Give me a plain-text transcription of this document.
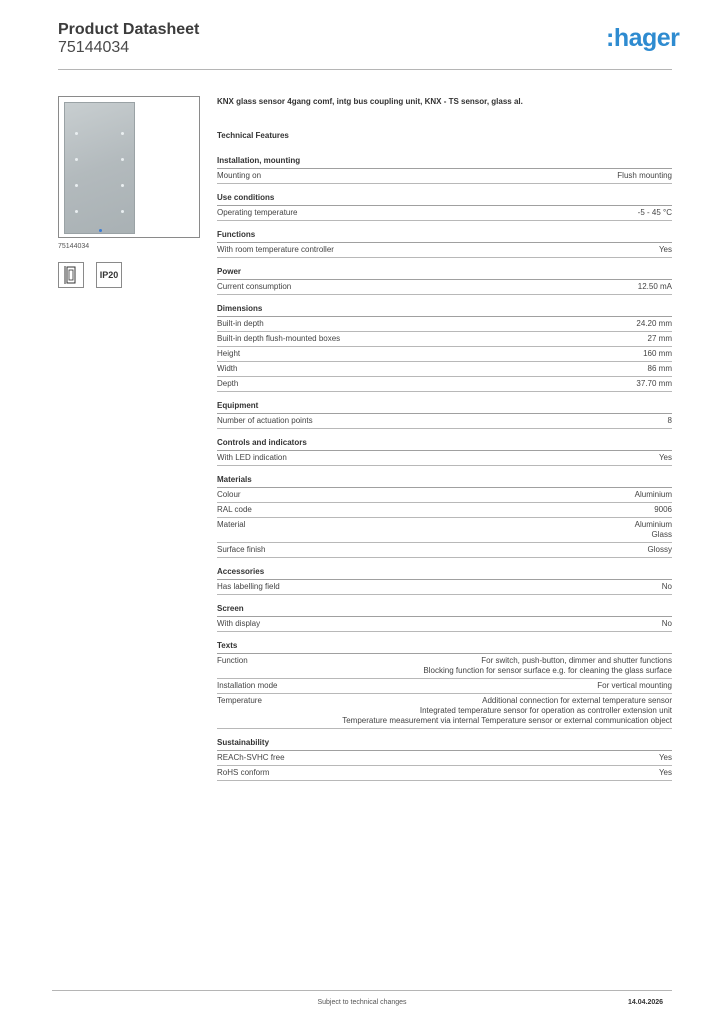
Product Datasheet
75144034	:hager
75144034
IP20
KNX glass sensor 4gang comf, intg bus coupling unit, KNX - TS sensor, glass al.
Technical Features
Installation, mounting
Mounting on	Flush mounting
Use conditions
Operating temperature	-5 - 45 °C
Functions
With room temperature controller	Yes
Power
Current consumption	12.50 mA
Dimensions
Built-in depth	24.20 mm
Built-in depth flush-mounted boxes	27 mm
Height	160 mm
Width	86 mm
Depth	37.70 mm
Equipment
Number of actuation points	8
Controls and indicators
With LED indication	Yes
Materials
Colour	Aluminium
RAL code	9006
Material	Aluminium
Glass
Surface finish	Glossy
Accessories
Has labelling field	No
Screen
With display	No
Texts
Function	For switch, push-button, dimmer and shutter functions
Blocking function for sensor surface e.g. for cleaning the glass surface
Installation mode	For vertical mounting
Temperature	Additional connection for external temperature sensor
Integrated temperature sensor for operation as controller extension unit
Temperature measurement via internal Temperature sensor or external communication object
Sustainability
REACh-SVHC free	Yes
RoHS conform	Yes
Subject to technical changes	14.04.2026
